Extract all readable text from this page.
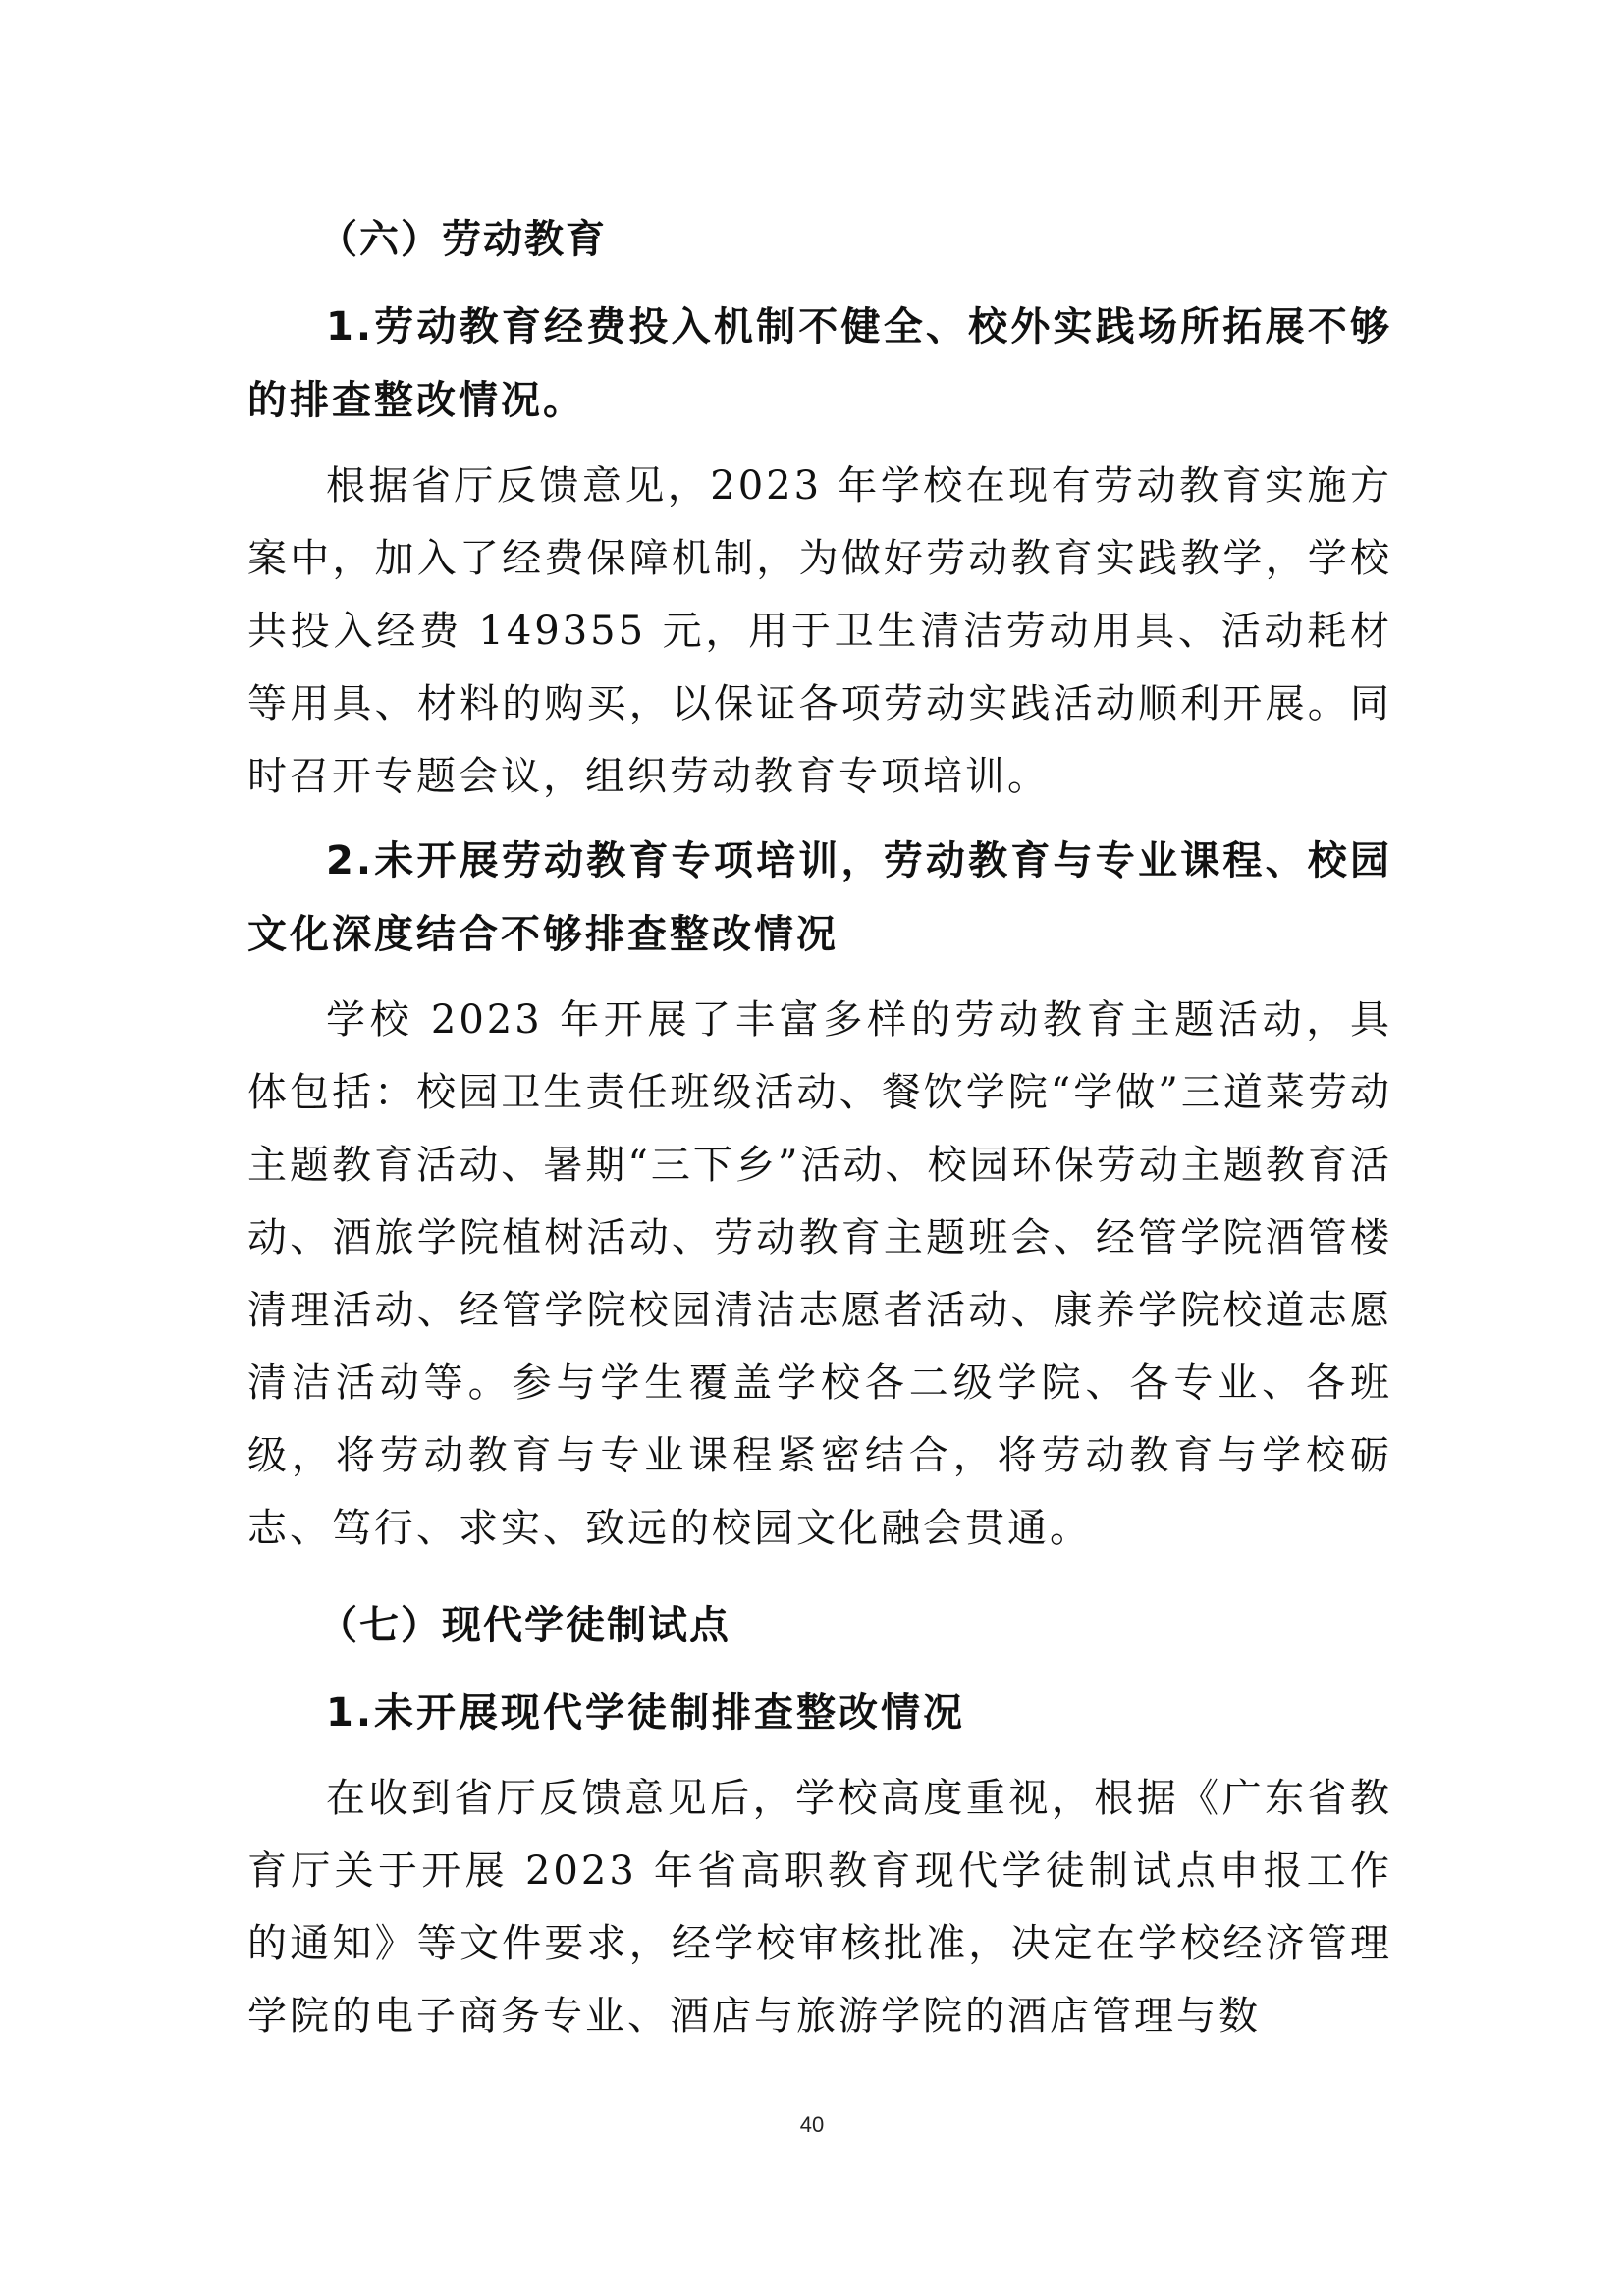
（六）劳动教育
1.劳动教育经费投入机制不健全、校外实践场所拓展不够的排查整改情况。

根据省厅反馈意见，2023 年学校在现有劳动教育实施方案中，加入了经费保障机制，为做好劳动教育实践教学，学校共投入经费 149355 元，用于卫生清洁劳动用具、活动耗材等用具、材料的购买，以保证各项劳动实践活动顺利开展。同时召开专题会议，组织劳动教育专项培训。

2.未开展劳动教育专项培训，劳动教育与专业课程、校园文化深度结合不够排查整改情况

学校 2023 年开展了丰富多样的劳动教育主题活动，具体包括：校园卫生责任班级活动、餐饮学院“学做”三道菜劳动主题教育活动、暑期“三下乡”活动、校园环保劳动主题教育活动、酒旅学院植树活动、劳动教育主题班会、经管学院酒管楼清理活动、经管学院校园清洁志愿者活动、康养学院校道志愿清洁活动等。参与学生覆盖学校各二级学院、各专业、各班级，将劳动教育与专业课程紧密结合，将劳动教育与学校砺志、笃行、求实、致远的校园文化融会贯通。

（七）现代学徒制试点
1.未开展现代学徒制排查整改情况

在收到省厅反馈意见后，学校高度重视，根据《广东省教育厅关于开展 2023 年省高职教育现代学徒制试点申报工作的通知》等文件要求，经学校审核批准，决定在学校经济管理学院的电子商务专业、酒店与旅游学院的酒店管理与数

40
